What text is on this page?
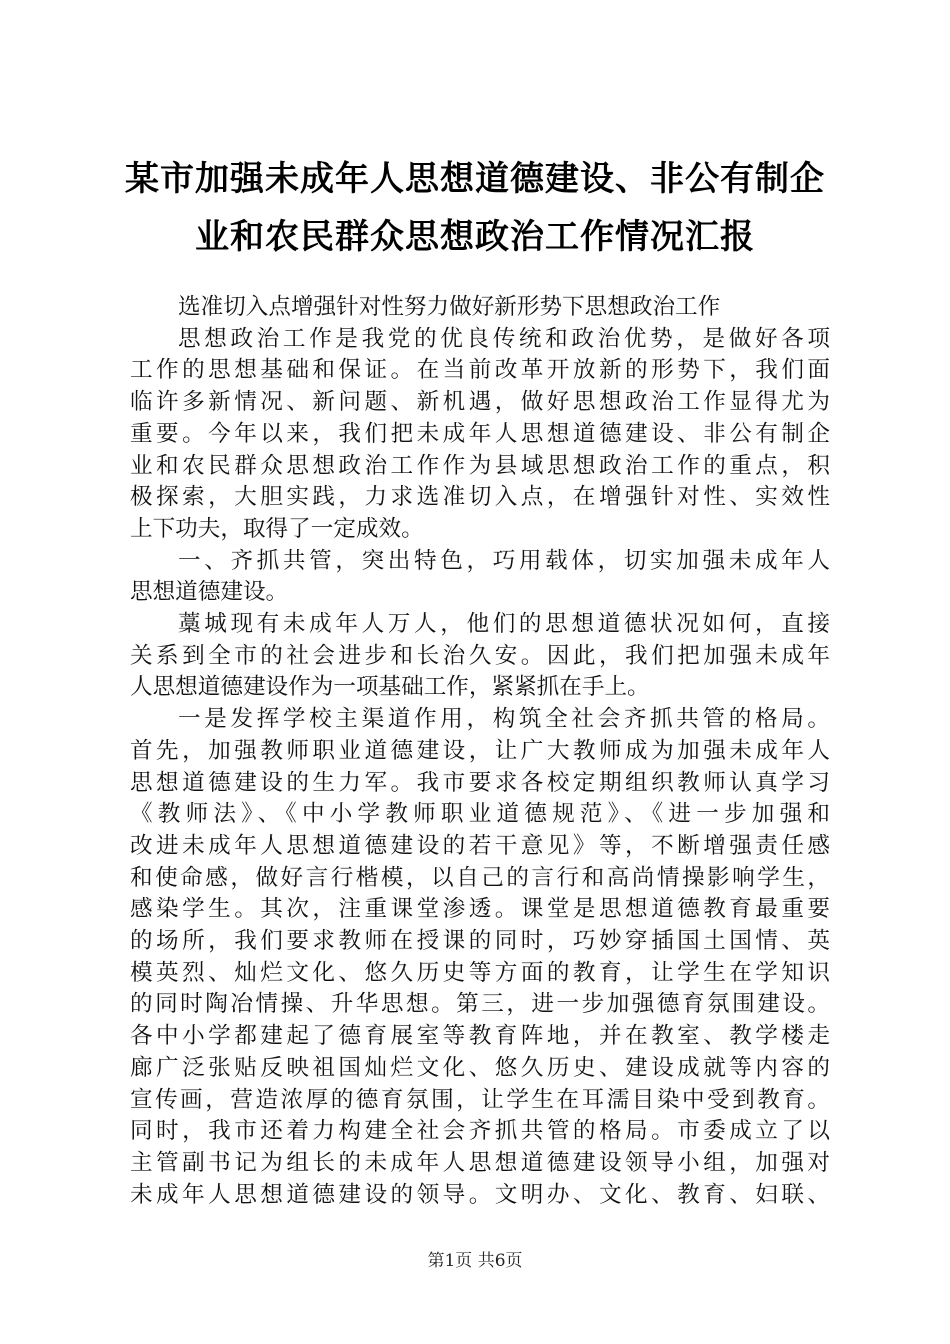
某市加强未成年人思想道德建设、非公有制企
业和农民群众思想政治工作情况汇报

选准切入点增强针对性努力做好新形势下思想政治工作

思想政治工作是我党的优良传统和政治优势，是做好各项
工作的思想基础和保证。在当前改革开放新的形势下，我们面
临许多新情况、新问题、新机遇，做好思想政治工作显得尤为
重要。今年以来，我们把未成年人思想道德建设、非公有制企
业和农民群众思想政治工作作为县域思想政治工作的重点，积
极探索，大胆实践，力求选准切入点，在增强针对性、实效性
上下功夫，取得了一定成效。

一、齐抓共管，突出特色，巧用载体，切实加强未成年人
思想道德建设。

藁城现有未成年人万人，他们的思想道德状况如何，直接
关系到全市的社会进步和长治久安。因此，我们把加强未成年
人思想道德建设作为一项基础工作，紧紧抓在手上。

一是发挥学校主渠道作用，构筑全社会齐抓共管的格局。
首先，加强教师职业道德建设，让广大教师成为加强未成年人
思想道德建设的生力军。我市要求各校定期组织教师认真学习
《教师法》、《中小学教师职业道德规范》、《进一步加强和
改进未成年人思想道德建设的若干意见》等，不断增强责任感
和使命感，做好言行楷模，以自己的言行和高尚情操影响学生，
感染学生。其次，注重课堂渗透。课堂是思想道德教育最重要
的场所，我们要求教师在授课的同时，巧妙穿插国土国情、英
模英烈、灿烂文化、悠久历史等方面的教育，让学生在学知识
的同时陶冶情操、升华思想。第三，进一步加强德育氛围建设。
各中小学都建起了德育展室等教育阵地，并在教室、教学楼走
廊广泛张贴反映祖国灿烂文化、悠久历史、建设成就等内容的
宣传画，营造浓厚的德育氛围，让学生在耳濡目染中受到教育。
同时，我市还着力构建全社会齐抓共管的格局。市委成立了以
主管副书记为组长的未成年人思想道德建设领导小组，加强对
未成年人思想道德建设的领导。文明办、文化、教育、妇联、

第1页 共6页
